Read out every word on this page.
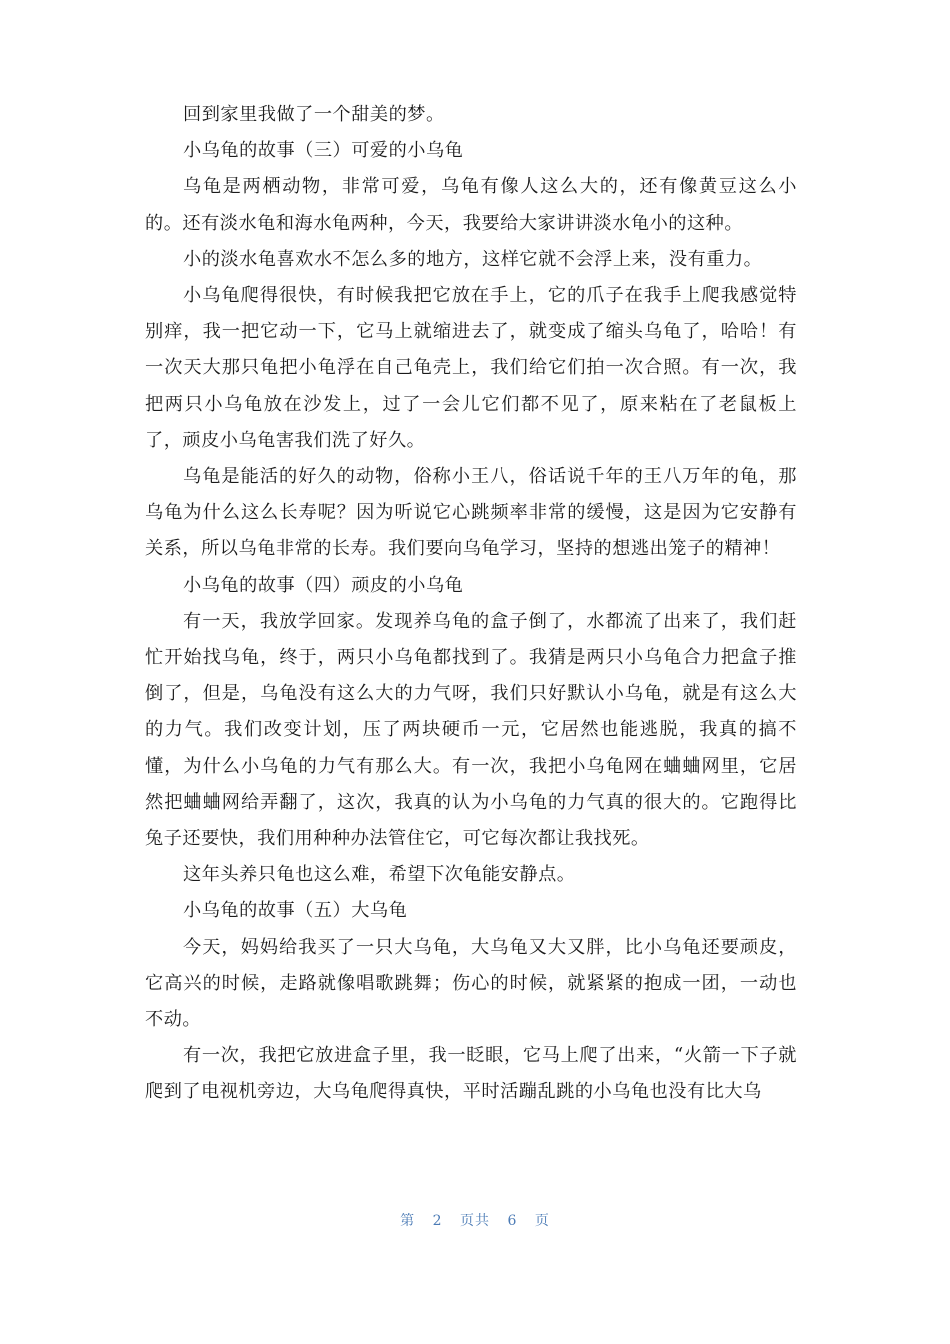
回到家里我做了一个甜美的梦。

小乌龟的故事（三）可爱的小乌龟

乌龟是两栖动物，非常可爱，乌龟有像人这么大的，还有像黄豆这么小的。还有淡水龟和海水龟两种，今天，我要给大家讲讲淡水龟小的这种。

小的淡水龟喜欢水不怎么多的地方，这样它就不会浮上来，没有重力。

小乌龟爬得很快，有时候我把它放在手上，它的爪子在我手上爬我感觉特别痒，我一把它动一下，它马上就缩进去了，就变成了缩头乌龟了，哈哈！有一次天大那只龟把小龟浮在自己龟壳上，我们给它们拍一次合照。有一次，我把两只小乌龟放在沙发上，过了一会儿它们都不见了，原来粘在了老鼠板上了，顽皮小乌龟害我们洗了好久。

乌龟是能活的好久的动物，俗称小王八，俗话说千年的王八万年的龟，那乌龟为什么这么长寿呢？因为听说它心跳频率非常的缓慢，这是因为它安静有关系，所以乌龟非常的长寿。我们要向乌龟学习，坚持的想逃出笼子的精神！

小乌龟的故事（四）顽皮的小乌龟

有一天，我放学回家。发现养乌龟的盒子倒了，水都流了出来了，我们赶忙开始找乌龟，终于，两只小乌龟都找到了。我猜是两只小乌龟合力把盒子推倒了，但是，乌龟没有这么大的力气呀，我们只好默认小乌龟，就是有这么大的力气。我们改变计划，压了两块硬币一元，它居然也能逃脱，我真的搞不懂，为什么小乌龟的力气有那么大。有一次，我把小乌龟网在蛐蛐网里，它居然把蛐蛐网给弄翻了，这次，我真的认为小乌龟的力气真的很大的。它跑得比兔子还要快，我们用种种办法管住它，可它每次都让我找死。

这年头养只龟也这么难，希望下次龟能安静点。

小乌龟的故事（五）大乌龟

今天，妈妈给我买了一只大乌龟，大乌龟又大又胖，比小乌龟还要顽皮，它高兴的时候，走路就像唱歌跳舞；伤心的时候，就紧紧的抱成一团，一动也不动。

有一次，我把它放进盒子里，我一眨眼，它马上爬了出来，“火箭一下子就爬到了电视机旁边，大乌龟爬得真快，平时活蹦乱跳的小乌龟也没有比大乌

第 2 页共 6 页
